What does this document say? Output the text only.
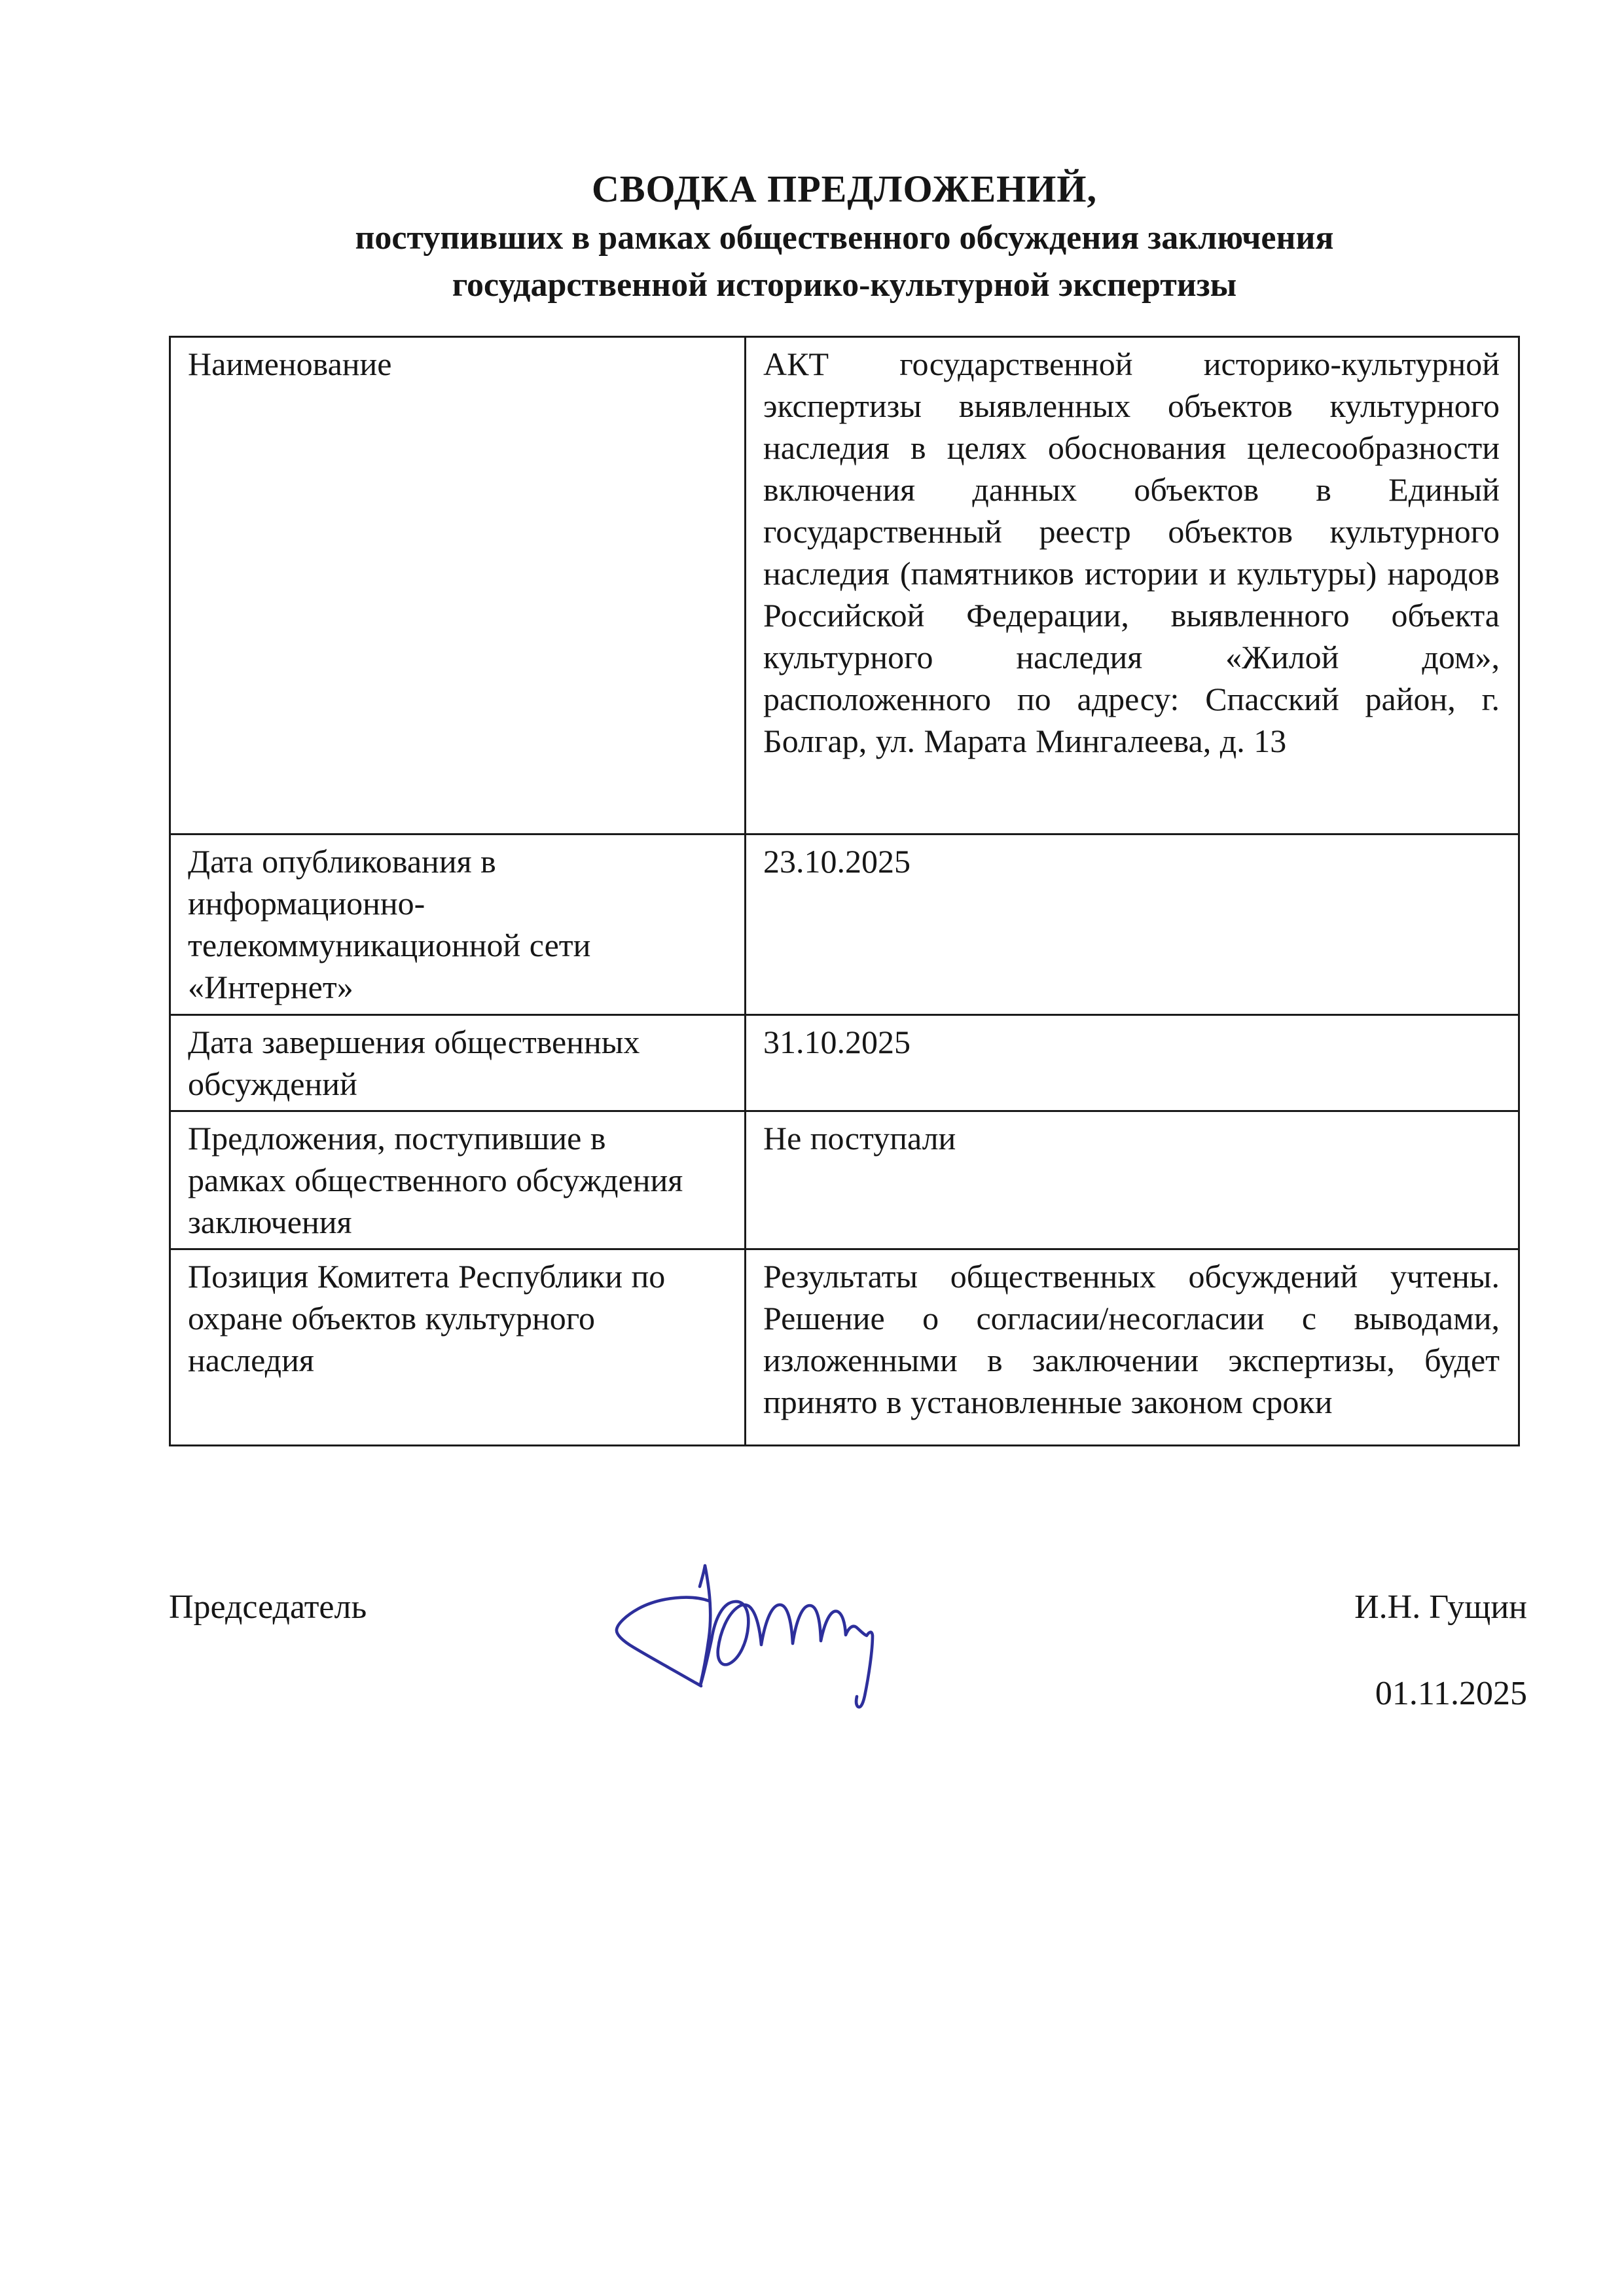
СВОДКА ПРЕДЛОЖЕНИЙ,
поступивших в рамках общественного обсуждения заключения
государственной историко-культурной экспертизы
Наименование	АКТ государственной историко-культурной экспертизы выявленных объектов культурного наследия в целях обоснования целесообразности включения данных объектов в Единый государственный реестр объектов культурного наследия (памятников истории и культуры) народов Российской Федерации, выявленного объекта культурного наследия «Жилой дом», расположенного по адресу: Спасский район, г. Болгар, ул. Марата Мингалеева, д. 13
Дата опубликования в информационно-телекоммуникационной сети «Интернет»	23.10.2025
Дата завершения общественных обсуждений	31.10.2025
Предложения, поступившие в рамках общественного обсуждения заключения	Не поступали
Позиция Комитета Республики по охране объектов культурного наследия	Результаты общественных обсуждений учтены. Решение о согласии/несогласии с выводами, изложенными в заключении экспертизы, будет принято в установленные законом сроки
Председатель	И.Н. Гущин
01.11.2025
